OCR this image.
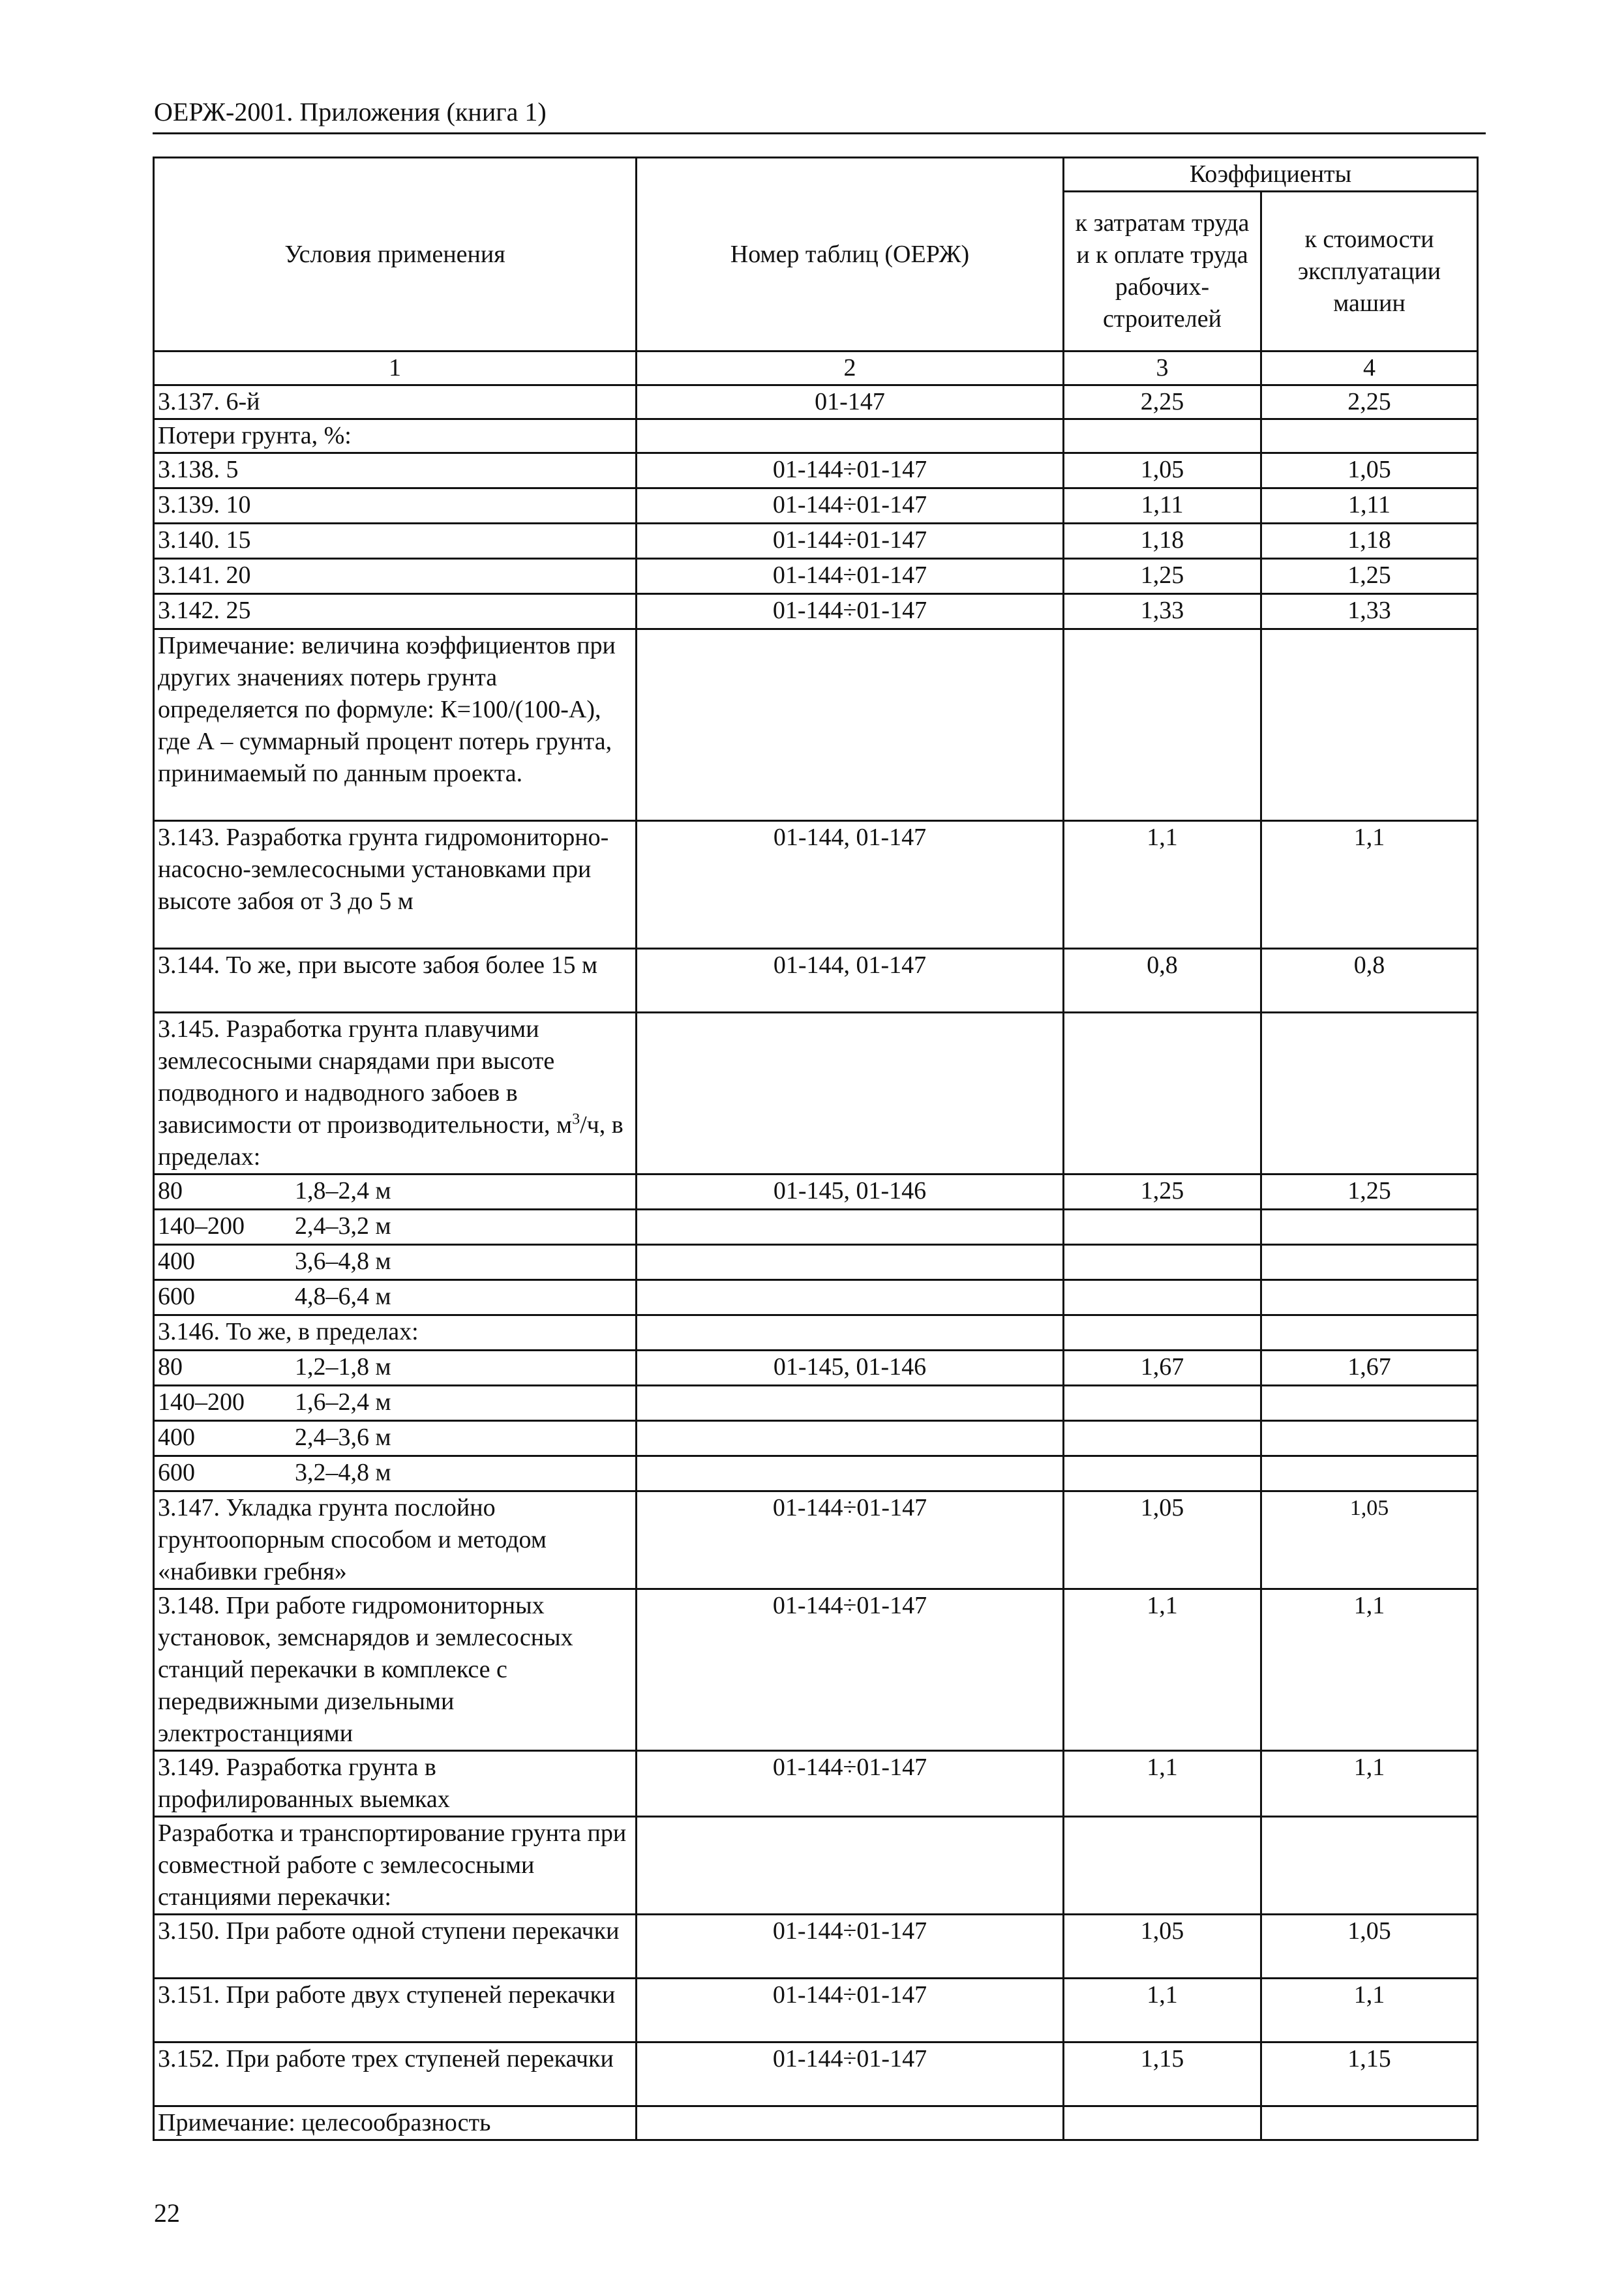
ОЕРЖ-2001. Приложения (книга 1)
Условия применения	Номер таблиц (ОЕРЖ)	Коэффициенты	
		к затратам труда и к оплате труда рабочих-строителей	к стоимости эксплуатации машин
1	2	3	4
3.137. 6-й	01-147	2,25	2,25
Потери грунта, %:			
3.138. 5	01-144÷01-147	1,05	1,05
3.139. 10	01-144÷01-147	1,11	1,11
3.140. 15	01-144÷01-147	1,18	1,18
3.141. 20	01-144÷01-147	1,25	1,25
3.142. 25	01-144÷01-147	1,33	1,33
Примечание: величина коэффициентов при других значениях потерь грунта определяется по формуле: К=100/(100-А), где А – суммарный процент потерь грунта, принимаемый по данным проекта.			
3.143. Разработка грунта гидромониторно-насосно-землесосными установками при высоте забоя от 3 до 5 м	01-144, 01-147	1,1	1,1
3.144. То же, при высоте забоя более 15 м	01-144, 01-147	0,8	0,8
3.145. Разработка грунта плавучими землесосными снарядами при высоте подводного и надводного забоев в зависимости от производительности, $м^3/ч$, в пределах:			
80 1,8–2,4 м	01-145, 01-146	1,25	1,25
140–200 2,4–3,2 м			
400 3,6–4,8 м			
600 4,8–6,4 м			
3.146. То же, в пределах:			
80 1,2–1,8 м	01-145, 01-146	1,67	1,67
140–200 1,6–2,4 м			
400 2,4–3,6 м			
600 3,2–4,8 м			
3.147. Укладка грунта послойно грунтоопорным способом и методом «набивки гребня»	01-144÷01-147	1,05	1,05
3.148. При работе гидромониторных установок, земснарядов и землесосных станций перекачки в комплексе с передвижными дизельными электростанциями	01-144÷01-147	1,1	1,1
3.149. Разработка грунта в профилированных выемках	01-144÷01-147	1,1	1,1
Разработка и транспортирование грунта при совместной работе с землесосными станциями перекачки:			
3.150. При работе одной ступени перекачки	01-144÷01-147	1,05	1,05
3.151. При работе двух ступеней перекачки	01-144÷01-147	1,1	1,1
3.152. При работе трех ступеней перекачки	01-144÷01-147	1,15	1,15
Примечание: целесообразность			
22
